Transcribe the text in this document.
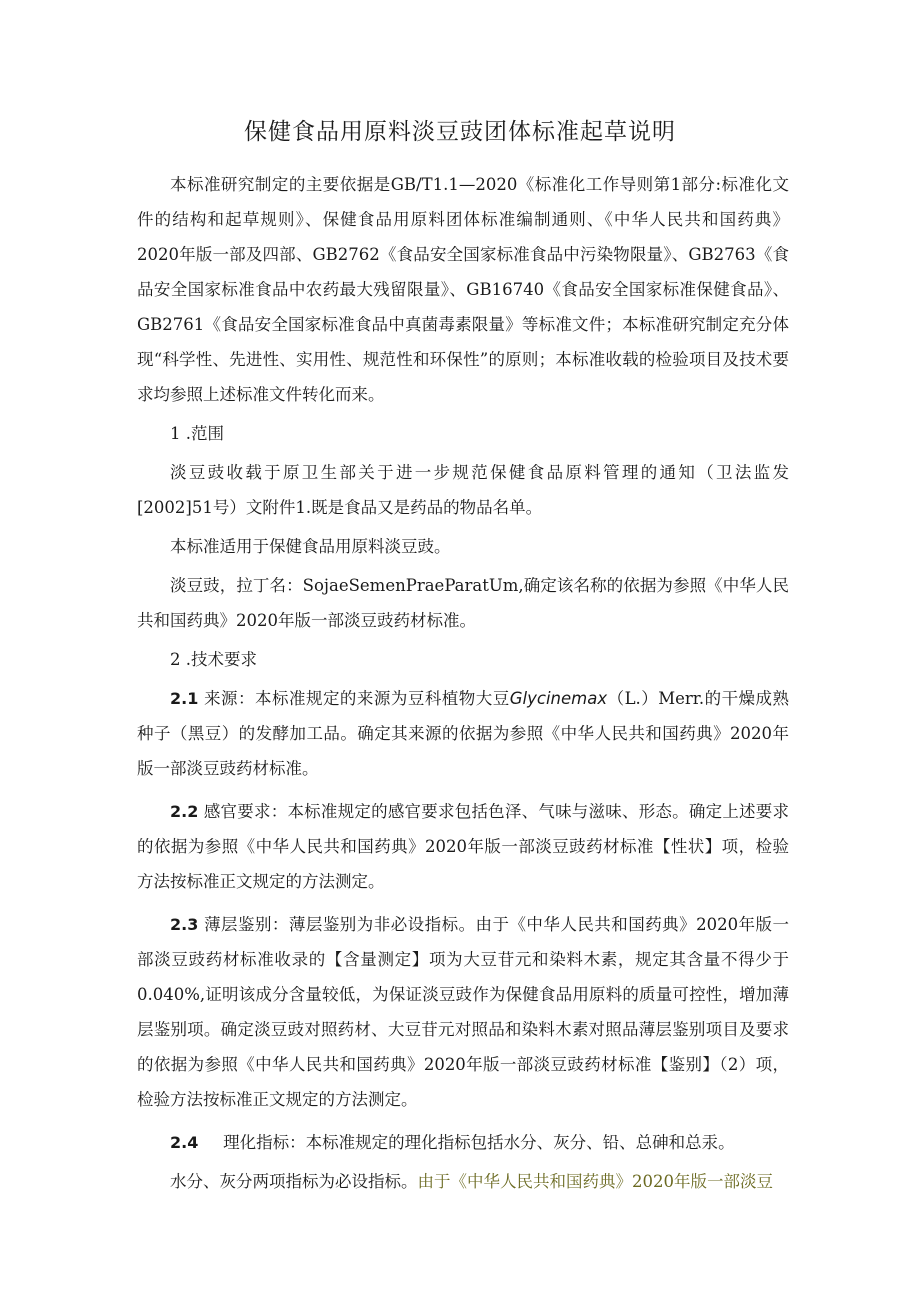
保健食品用原料淡豆豉团体标准起草说明

本标准研究制定的主要依据是GB/T1.1—2020《标准化工作导则第1部分:标准化文件的结构和起草规则》、保健食品用原料团体标准编制通则、《中华人民共和国药典》2020年版一部及四部、GB2762《食品安全国家标准食品中污染物限量》、GB2763《食品安全国家标准食品中农药最大残留限量》、GB16740《食品安全国家标准保健食品》、GB2761《食品安全国家标准食品中真菌毒素限量》等标准文件；本标准研究制定充分体现“科学性、先进性、实用性、规范性和环保性”的原则；本标准收载的检验项目及技术要求均参照上述标准文件转化而来。

1 .范围

淡豆豉收载于原卫生部关于进一步规范保健食品原料管理的通知（卫法监发[2002]51号）文附件1.既是食品又是药品的物品名单。

本标准适用于保健食品用原料淡豆豉。

淡豆豉，拉丁名：SojaeSemenPraeParatUm,确定该名称的依据为参照《中华人民共和国药典》2020年版一部淡豆豉药材标准。

2 .技术要求

2.1 来源：本标准规定的来源为豆科植物大豆Glycinemax（L.）Merr.的干燥成熟种子（黑豆）的发酵加工品。确定其来源的依据为参照《中华人民共和国药典》2020年版一部淡豆豉药材标准。

2.2 感官要求：本标准规定的感官要求包括色泽、气味与滋味、形态。确定上述要求的依据为参照《中华人民共和国药典》2020年版一部淡豆豉药材标准【性状】项，检验方法按标准正文规定的方法测定。

2.3 薄层鉴别：薄层鉴别为非必设指标。由于《中华人民共和国药典》2020年版一部淡豆豉药材标准收录的【含量测定】项为大豆苷元和染料木素，规定其含量不得少于0.040%,证明该成分含量较低，为保证淡豆豉作为保健食品用原料的质量可控性，增加薄层鉴别项。确定淡豆豉对照药材、大豆苷元对照品和染料木素对照品薄层鉴别项目及要求的依据为参照《中华人民共和国药典》2020年版一部淡豆豉药材标准【鉴别】（2）项，检验方法按标准正文规定的方法测定。

2.4   理化指标：本标准规定的理化指标包括水分、灰分、铅、总砷和总汞。

水分、灰分两项指标为必设指标。由于《中华人民共和国药典》2020年版一部淡豆
